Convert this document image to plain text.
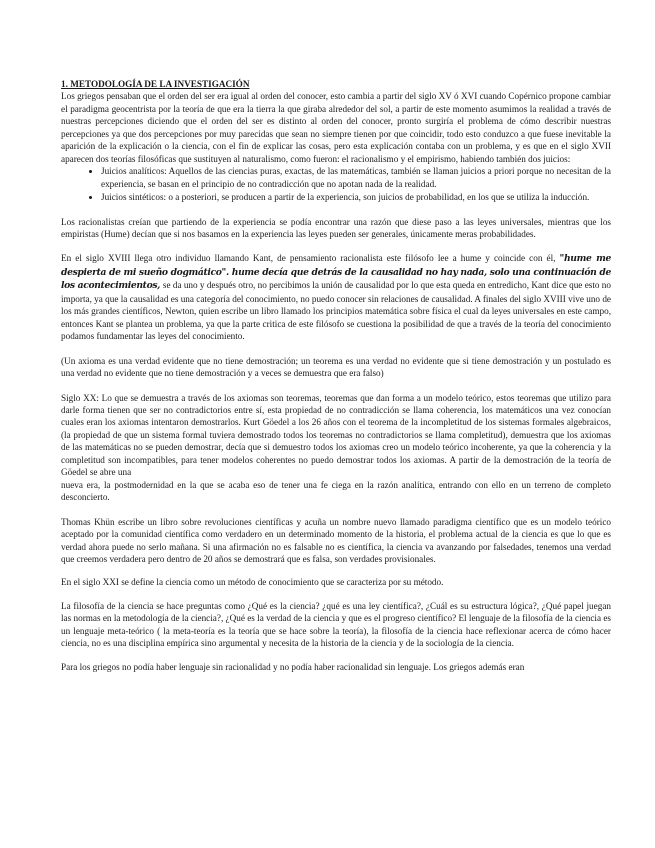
1. METODOLOGÍA DE LA INVESTIGACIÓN

Los griegos pensaban que el orden del ser era igual al orden del conocer, esto cambia a partir del siglo XV ó XVI cuando Copérnico propone cambiar el paradigma geocentrista por la teoría de que era la tierra la que giraba alrededor del sol, a partir de este momento asumimos la realidad a través de nuestras percepciones diciendo que el orden del ser es distinto al orden del conocer, pronto surgiría el problema de cómo describir nuestras percepciones ya que dos percepciones por muy parecidas que sean no siempre tienen por que coincidir, todo esto conduzco a que fuese inevitable la aparición de la explicación o la ciencia, con el fin de explicar las cosas, pero esta explicación contaba con un problema, y es que en el siglo XVII aparecen dos teorías filosóficas que sustituyen al naturalismo, como fueron: el racionalismo y el empirismo, habiendo también dos juicios:

• Juicios analíticos: Aquellos de las ciencias puras, exactas, de las matemáticas, también se llaman juicios a priori porque no necesitan de la experiencia, se basan en el principio de no contradicción que no apotan nada de la realidad.
• Juicios sintéticos: o a posteriori, se producen a partir de la experiencia, son juicios de probabilidad, en los que se utiliza la inducción.

Los racionalistas creían que partiendo de la experiencia se podía encontrar una razón que diese paso a las leyes universales, mientras que los empiristas (Hume) decían que si nos basamos en la experiencia las leyes pueden ser generales, únicamente meras probabilidades.

En el siglo XVIII llega otro individuo llamando Kant, de pensamiento racionalista este filósofo lee a hume y coincide con él, "hume me despierta de mi sueño dogmático". hume decía que detrás de la causalidad no hay nada, solo una continuación de los acontecimientos, se da uno y después otro, no percibimos la unión de causalidad por lo que esta queda en entredicho, Kant dice que esto no importa, ya que la causalidad es una categoría del conocimiento, no puedo conocer sin relaciones de causalidad. A finales del siglo XVIII vive uno de los más grandes científicos, Newton, quien escribe un libro llamado los principios matemática sobre física el cual da leyes universales en este campo, entonces Kant se plantea un problema, ya que la parte critica de este filósofo se cuestiona la posibilidad de que a través de la teoría del conocimiento podamos fundamentar las leyes del conocimiento.

(Un axioma es una verdad evidente que no tiene demostración; un teorema es una verdad no evidente que si tiene demostración y un postulado es una verdad no evidente que no tiene demostración y a veces se demuestra que era falso)

Siglo XX: Lo que se demuestra a través de los axiomas son teoremas, teoremas que dan forma a un modelo teórico, estos teoremas que utilizo para darle forma tienen que ser no contradictorios entre sí, esta propiedad de no contradicción se llama coherencia, los matemáticos una vez conocían cuales eran los axiomas intentaron demostrarlos. Kurt Göedel a los 26 años con el teorema de la incompletitud de los sistemas formales algebraicos, (la propiedad de que un sistema formal tuviera demostrado todos los teoremas no contradictorios se llama completitud), demuestra que los axiomas de las matemáticas no se pueden demostrar, decía que si demuestro todos los axiomas creo un modelo teórico incoherente, ya que la coherencia y la completitud son incompatibles, para tener modelos coherentes no puedo demostrar todos los axiomas. A partir de la demostración de la teoría de Göedel se abre una

nueva era, la postmodernidad en la que se acaba eso de tener una fe ciega en la razón analítica, entrando con ello en un terreno de completo desconcierto.

Thomas Khün escribe un libro sobre revoluciones científicas y acuña un nombre nuevo llamado paradigma científico que es un modelo teórico aceptado por la comunidad científica como verdadero en un determinado momento de la historia, el problema actual de la ciencia es que lo que es verdad ahora puede no serlo mañana. Si una afirmación no es falsable no es científica, la ciencia va avanzando por falsedades, tenemos una verdad que creemos verdadera pero dentro de 20 años se demostrará que es falsa, son verdades provisionales.

En el siglo XXI se define la ciencia como un método de conocimiento que se caracteriza por su método.

La filosofía de la ciencia se hace preguntas como ¿Qué es la ciencia? ¿qué es una ley científica?, ¿Cuál es su estructura lógica?, ¿Qué papel juegan las normas en la metodología de la ciencia?, ¿Qué es la verdad de la ciencia y que es el progreso científico? El lenguaje de la filosofía de la ciencia es un lenguaje meta-teórico ( la meta-teoría es la teoría que se hace sobre la teoría), la filosofía de la ciencia hace reflexionar acerca de cómo hacer ciencia, no es una disciplina empírica sino argumental y necesita de la historia de la ciencia y de la sociología de la ciencia.

Para los griegos no podía haber lenguaje sin racionalidad y no podía haber racionalidad sin lenguaje. Los griegos además eran
